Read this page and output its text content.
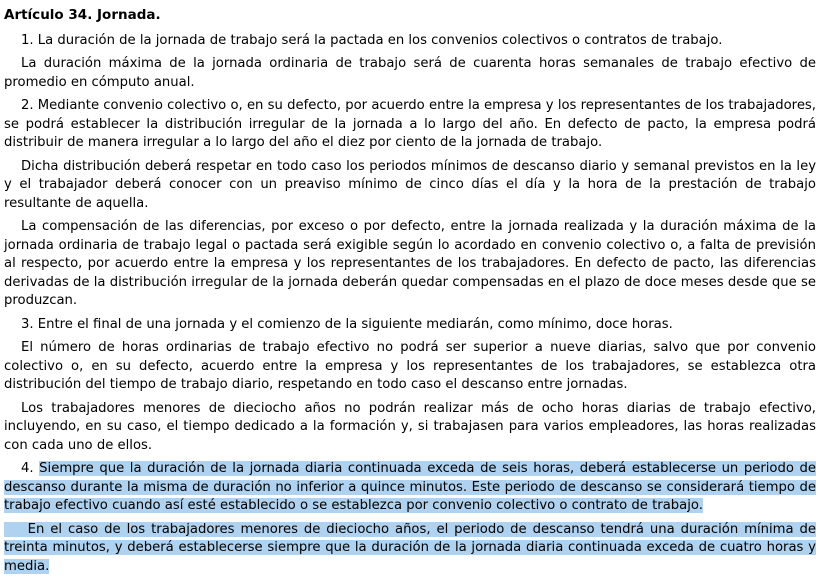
Artículo 34. Jornada.

1. La duración de la jornada de trabajo será la pactada en los convenios colectivos o contratos de trabajo.

La duración máxima de la jornada ordinaria de trabajo será de cuarenta horas semanales de trabajo efectivo de promedio en cómputo anual.

2. Mediante convenio colectivo o, en su defecto, por acuerdo entre la empresa y los representantes de los trabajadores, se podrá establecer la distribución irregular de la jornada a lo largo del año. En defecto de pacto, la empresa podrá distribuir de manera irregular a lo largo del año el diez por ciento de la jornada de trabajo.

Dicha distribución deberá respetar en todo caso los periodos mínimos de descanso diario y semanal previstos en la ley y el trabajador deberá conocer con un preaviso mínimo de cinco días el día y la hora de la prestación de trabajo resultante de aquella.

La compensación de las diferencias, por exceso o por defecto, entre la jornada realizada y la duración máxima de la jornada ordinaria de trabajo legal o pactada será exigible según lo acordado en convenio colectivo o, a falta de previsión al respecto, por acuerdo entre la empresa y los representantes de los trabajadores. En defecto de pacto, las diferencias derivadas de la distribución irregular de la jornada deberán quedar compensadas en el plazo de doce meses desde que se produzcan.

3. Entre el final de una jornada y el comienzo de la siguiente mediarán, como mínimo, doce horas.

El número de horas ordinarias de trabajo efectivo no podrá ser superior a nueve diarias, salvo que por convenio colectivo o, en su defecto, acuerdo entre la empresa y los representantes de los trabajadores, se establezca otra distribución del tiempo de trabajo diario, respetando en todo caso el descanso entre jornadas.

Los trabajadores menores de dieciocho años no podrán realizar más de ocho horas diarias de trabajo efectivo, incluyendo, en su caso, el tiempo dedicado a la formación y, si trabajasen para varios empleadores, las horas realizadas con cada uno de ellos.

4. Siempre que la duración de la jornada diaria continuada exceda de seis horas, deberá establecerse un periodo de descanso durante la misma de duración no inferior a quince minutos. Este periodo de descanso se considerará tiempo de trabajo efectivo cuando así esté establecido o se establezca por convenio colectivo o contrato de trabajo.

En el caso de los trabajadores menores de dieciocho años, el periodo de descanso tendrá una duración mínima de treinta minutos, y deberá establecerse siempre que la duración de la jornada diaria continuada exceda de cuatro horas y media.
